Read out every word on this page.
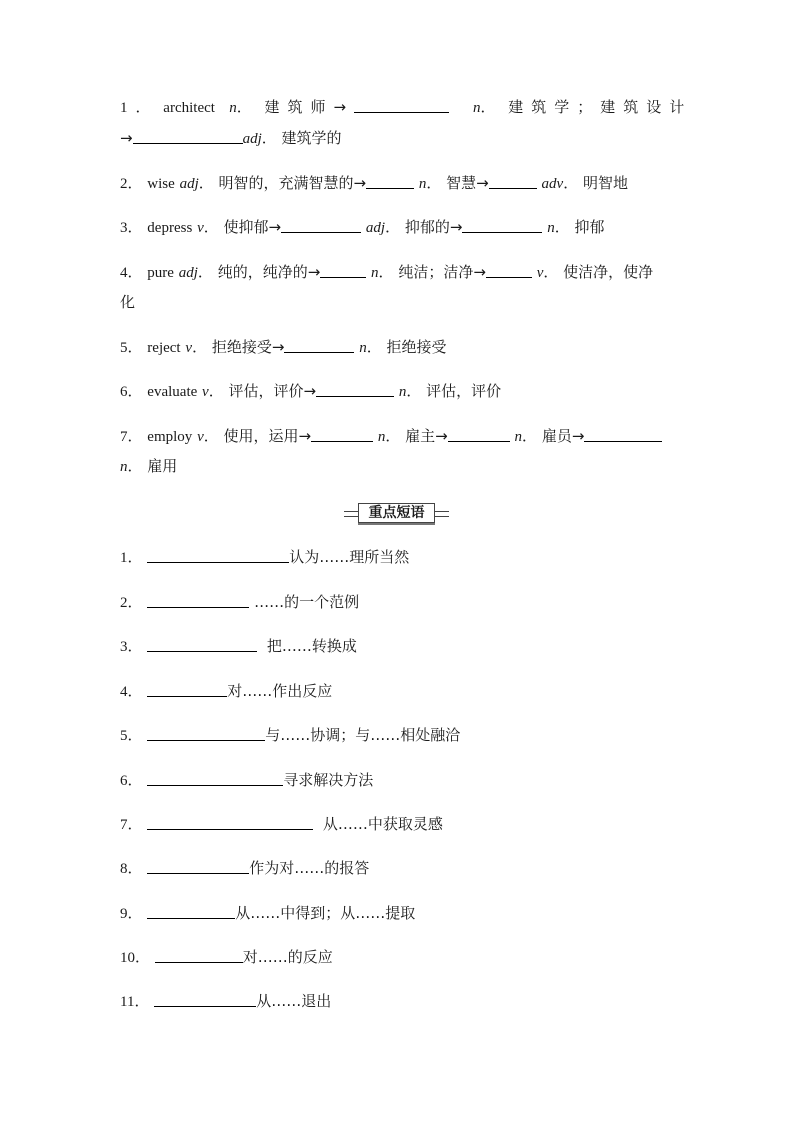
1． architect n． 建筑师→	n． 建筑学；建筑设计
→	adj． 建筑学的
2． wise adj． 明智的，充满智慧的→	n． 智慧→	adv． 明智地
3． depress v． 使抑郁→	adj． 抑郁的→	n． 抑郁
4． pure adj． 纯的，纯净的→	n． 纯洁；洁净→	v． 使洁净，使净
化
5． reject v． 拒绝接受→	n． 拒绝接受
6． evaluate v． 评估，评价→	n． 评估，评价
7． employ v． 使用，运用→	n． 雇主→	n． 雇员→
n． 雇用
重点短语
1．	认为……理所当然
2．	……的一个范例
3．	把……转换成
4．	对……作出反应
5．	与……协调；与……相处融洽
6．	寻求解决方法
7．	从……中获取灵感
8．	作为对……的报答
9．	从……中得到；从……提取
10．	对……的反应
11．	从……退出
